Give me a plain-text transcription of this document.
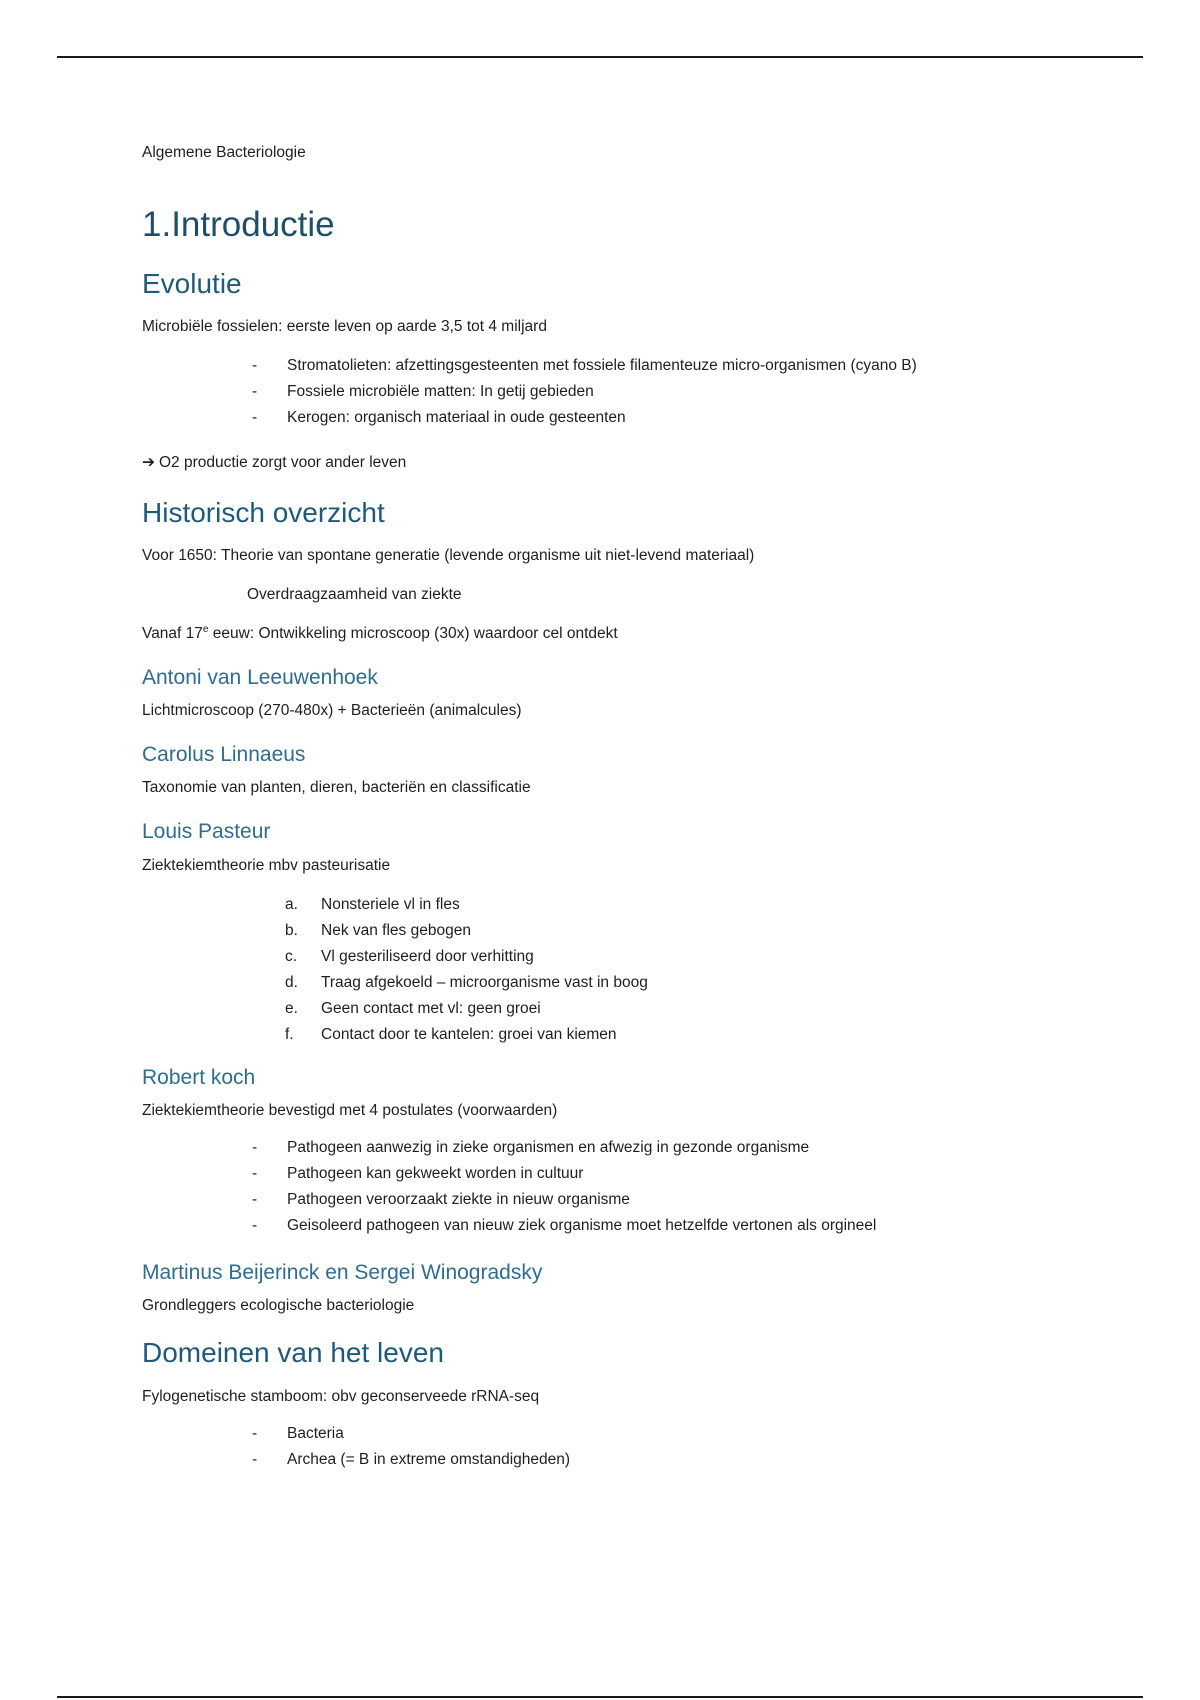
Algemene Bacteriologie
1.Introductie
Evolutie

Microbiële fossielen: eerste leven op aarde 3,5 tot 4 miljard

- Stromatolieten: afzettingsgesteenten met fossiele filamenteuze micro-organismen (cyano B)
- Fossiele microbiële matten: In getij gebieden
- Kerogen: organisch materiaal in oude gesteenten

➔ O2 productie zorgt voor ander leven

Historisch overzicht

Voor 1650: Theorie van spontane generatie (levende organisme uit niet-levend materiaal)

Overdraagzaamheid van ziekte

Vanaf 17e eeuw: Ontwikkeling microscoop (30x) waardoor cel ontdekt

Antoni van Leeuwenhoek

Lichtmicroscoop (270-480x) + Bacterieën (animalcules)

Carolus Linnaeus

Taxonomie van planten, dieren, bacteriën en classificatie

Louis Pasteur

Ziektekiemtheorie mbv pasteurisatie

a. Nonsteriele vl in fles
b. Nek van fles gebogen
c. Vl gesteriliseerd door verhitting
d. Traag afgekoeld – microorganisme vast in boog
e. Geen contact met vl: geen groei
f. Contact door te kantelen: groei van kiemen
Robert koch

Ziektekiemtheorie bevestigd met 4 postulates (voorwaarden)

- Pathogeen aanwezig in zieke organismen en afwezig in gezonde organisme
- Pathogeen kan gekweekt worden in cultuur
- Pathogeen veroorzaakt ziekte in nieuw organisme
- Geisoleerd pathogeen van nieuw ziek organisme moet hetzelfde vertonen als orgineel
Martinus Beijerinck en Sergei Winogradsky

Grondleggers ecologische bacteriologie

Domeinen van het leven

Fylogenetische stamboom: obv geconserveede rRNA-seq

- Bacteria
- Archea (= B in extreme omstandigheden)
